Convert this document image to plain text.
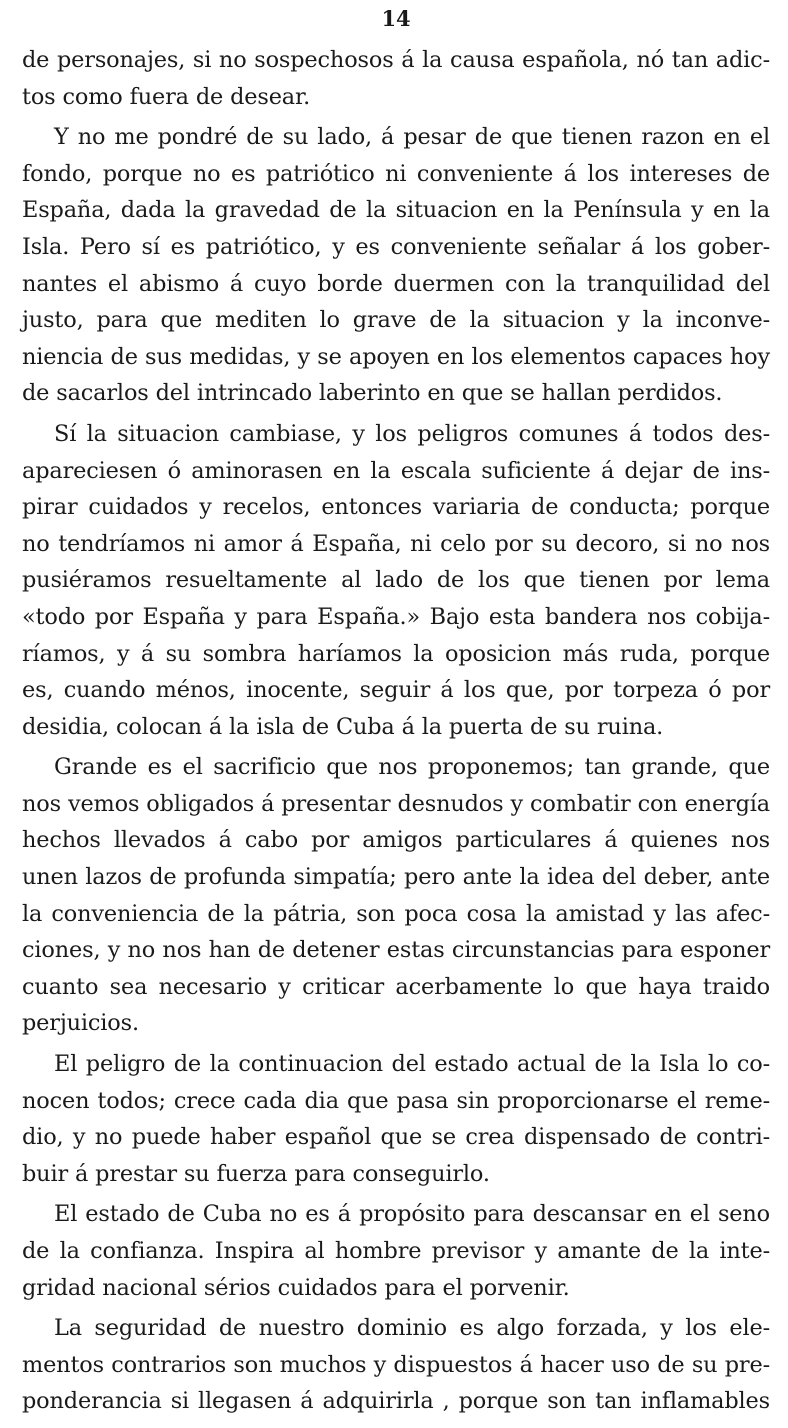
14

de personajes, si no sospechosos á la causa española, nó tan adic-
tos como fuera de desear.

Y no me pondré de su lado, á pesar de que tienen razon en el
fondo, porque no es patriótico ni conveniente á los intereses de
España, dada la gravedad de la situacion en la Península y en la
Isla. Pero sí es patriótico, y es conveniente señalar á los gober-
nantes el abismo á cuyo borde duermen con la tranquilidad del
justo, para que mediten lo grave de la situacion y la inconve-
niencia de sus medidas, y se apoyen en los elementos capaces hoy
de sacarlos del intrincado laberinto en que se hallan perdidos.

Sí la situacion cambiase, y los peligros comunes á todos des-
apareciesen ó aminorasen en la escala suficiente á dejar de ins-
pirar cuidados y recelos, entonces variaria de conducta; porque
no tendríamos ni amor á España, ni celo por su decoro, si no nos
pusiéramos resueltamente al lado de los que tienen por lema
«todo por España y para España.» Bajo esta bandera nos cobija-
ríamos, y á su sombra haríamos la oposicion más ruda, porque
es, cuando ménos, inocente, seguir á los que, por torpeza ó por
desidia, colocan á la isla de Cuba á la puerta de su ruina.

Grande es el sacrificio que nos proponemos; tan grande, que
nos vemos obligados á presentar desnudos y combatir con energía
hechos llevados á cabo por amigos particulares á quienes nos
unen lazos de profunda simpatía; pero ante la idea del deber, ante
la conveniencia de la pátria, son poca cosa la amistad y las afec-
ciones, y no nos han de detener estas circunstancias para esponer
cuanto sea necesario y criticar acerbamente lo que haya traido
perjuicios.

El peligro de la continuacion del estado actual de la Isla lo co-
nocen todos; crece cada dia que pasa sin proporcionarse el reme-
dio, y no puede haber español que se crea dispensado de contri-
buir á prestar su fuerza para conseguirlo.

El estado de Cuba no es á propósito para descansar en el seno
de la confianza. Inspira al hombre previsor y amante de la inte-
gridad nacional sérios cuidados para el porvenir.

La seguridad de nuestro dominio es algo forzada, y los ele-
mentos contrarios son muchos y dispuestos á hacer uso de su pre-
ponderancia si llegasen á adquirirla , porque son tan inflamables
